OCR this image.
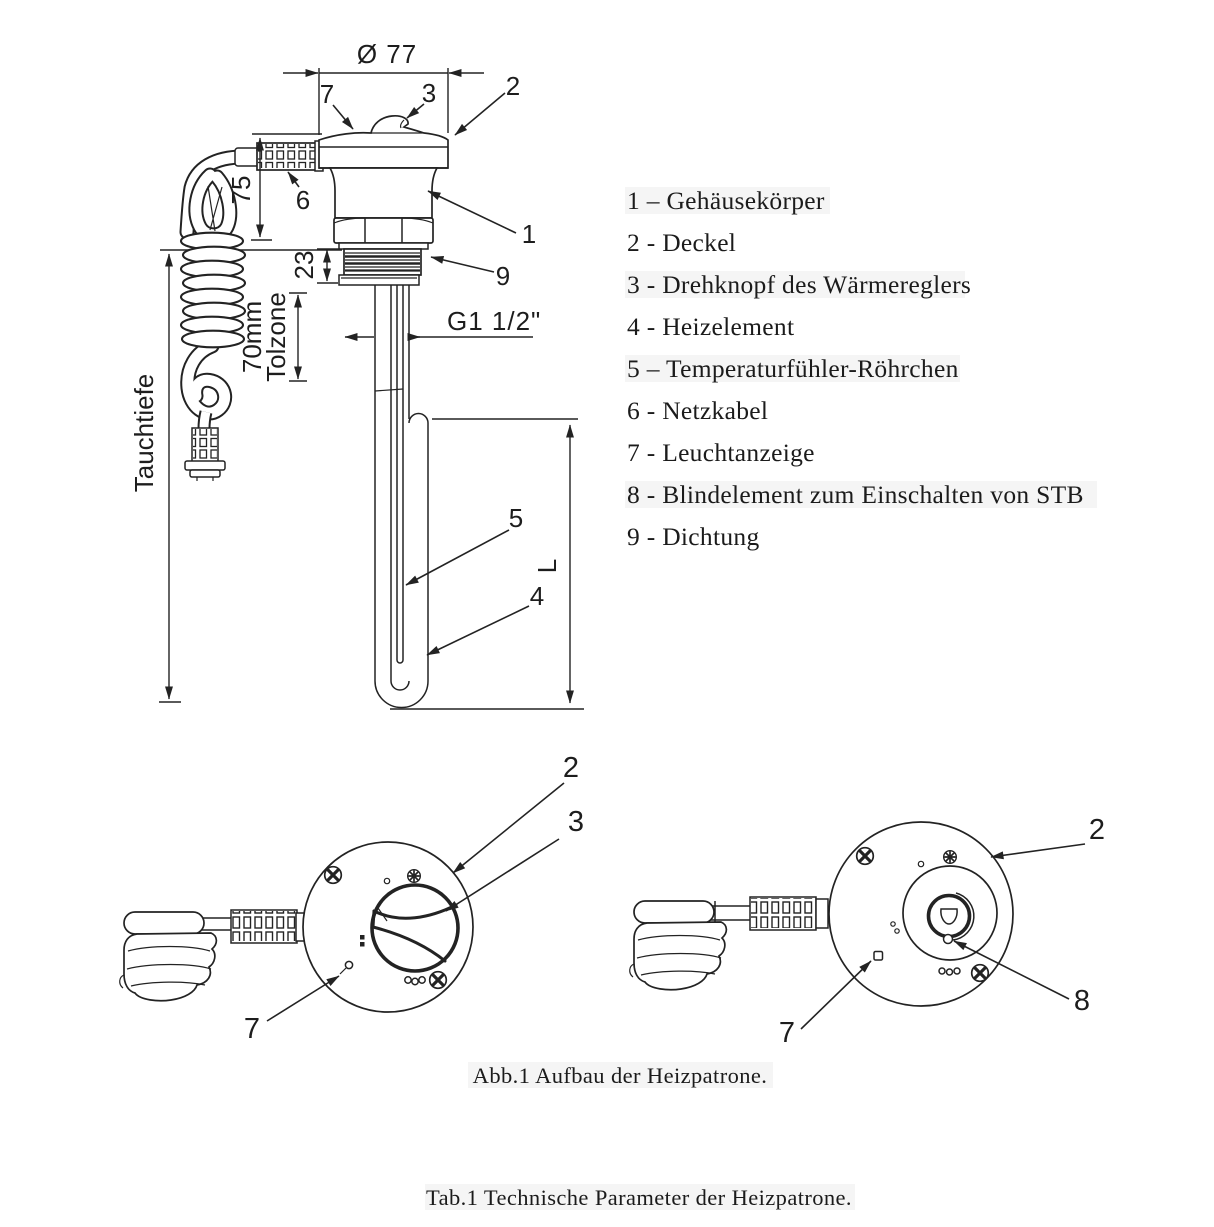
Ø 77
75
23
70mm
Tolzone
Tauchtiefe
G1 1/2"
L
7	3	2
6
1
9
5
4
1 – Gehäusekörper
2 - Deckel
3 - Drehknopf des Wärmereglers
4 - Heizelement
5 – Temperaturfühler-Röhrchen
6 - Netzkabel
7 - Leuchtanzeige
8 - Blindelement zum Einschalten von STB
9 - Dichtung
2
3
7
2
7
8
Abb.1 Aufbau der Heizpatrone.
Tab.1 Technische Parameter der Heizpatrone.
